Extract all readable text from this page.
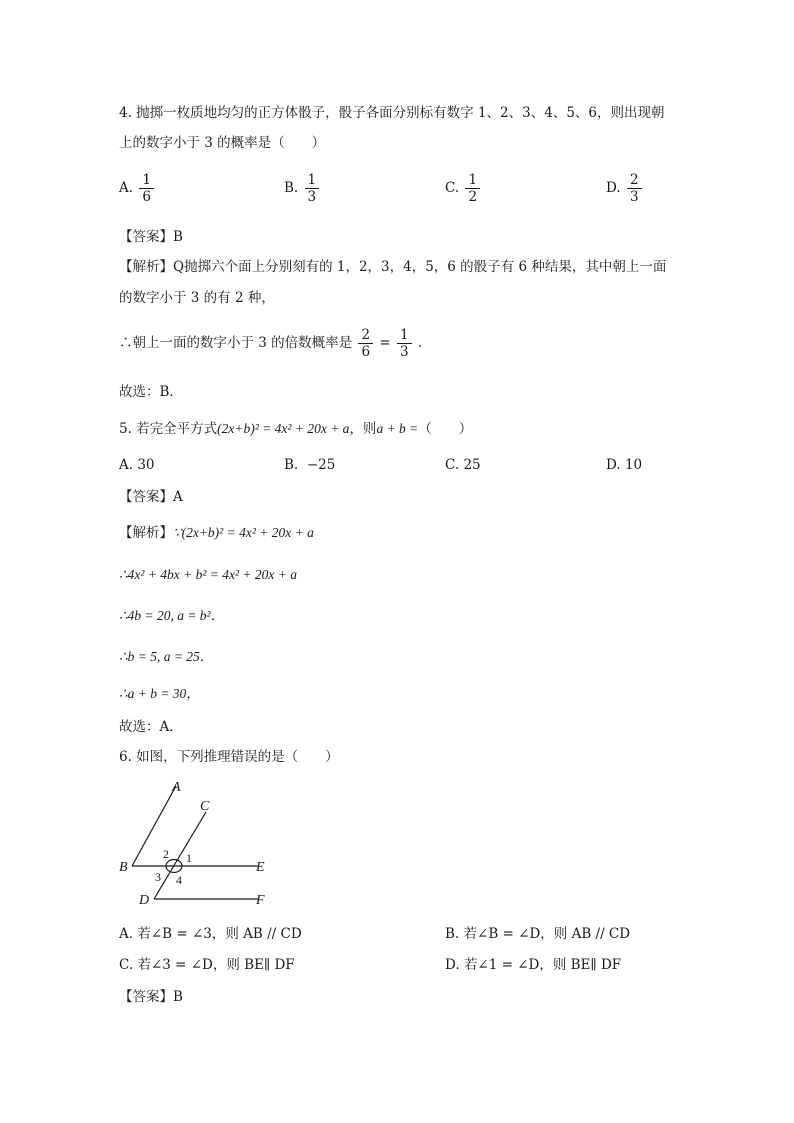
4. 抛掷一枚质地均匀的正方体骰子，骰子各面分别标有数字 1、2、3、4、5、6，则出现朝
上的数字小于 3 的概率是（　　）
A. $\frac{1}{6}$	B. $\frac{1}{3}$	C. $\frac{1}{2}$	D. $\frac{2}{3}$
【答案】B
【解析】Q抛掷六个面上分别刻有的 1，2，3，4，5，6 的骰子有 6 种结果，其中朝上一面
的数字小于 3 的有 2 种，
∴朝上一面的数字小于 3 的倍数概率是 $\frac{2}{6} = \frac{1}{3}$ .
故选：B．
5. 若完全平方式(2x+b)² = 4x² + 20x + a，则a + b =（　　）
A. 30	B. −25	C. 25	D. 10
【答案】A
【解析】∵(2x+b)² = 4x² + 20x + a
∴4x² + 4bx + b² = 4x² + 20x + a
∴4b = 20, a = b²．
∴b = 5, a = 25．
∴a + b = 30，
故选：A．
6. 如图，下列推理错误的是（　　）
A
C
B	E
D	F
2 1
3 4
A. 若∠B = ∠3，则 AB // CD	B. 若∠B = ∠D，则 AB // CD
C. 若∠3 = ∠D，则 BE∥ DF	D. 若∠1 = ∠D，则 BE∥ DF
【答案】B
